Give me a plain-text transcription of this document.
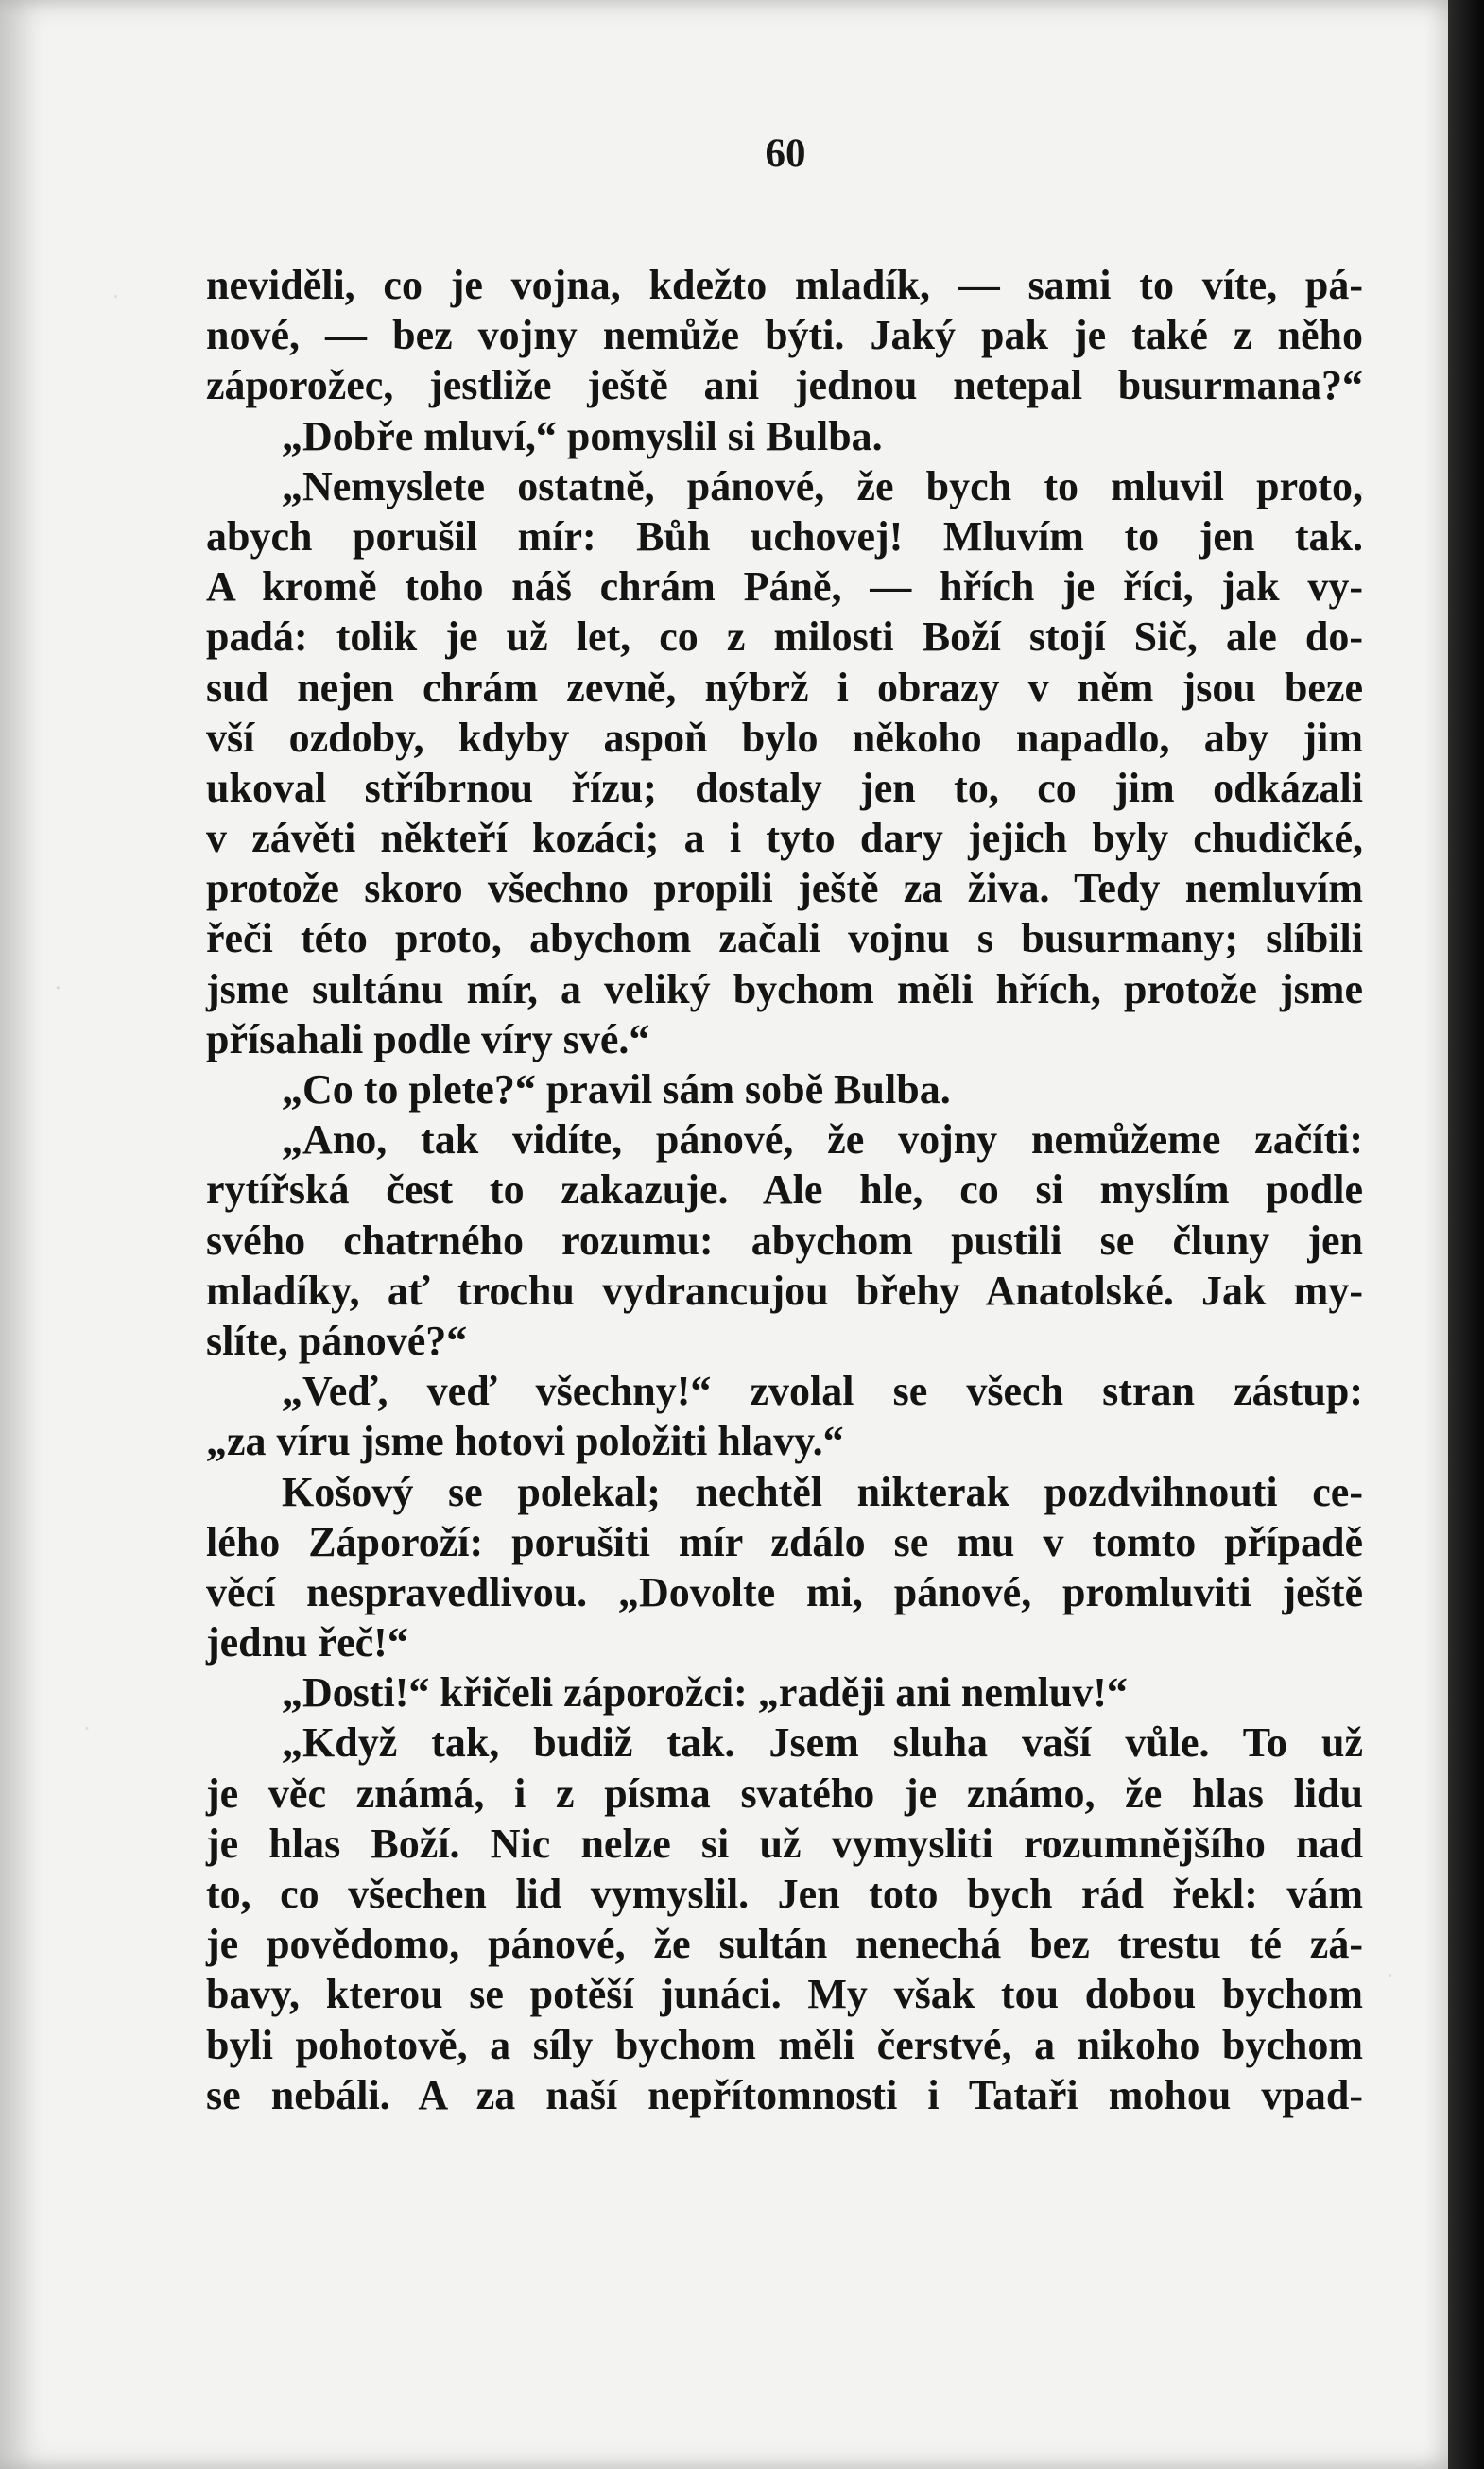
60
neviděli, co je vojna, kdežto mladík, — sami to víte, pá-
nové, — bez vojny nemůže býti. Jaký pak je také z něho
záporožec, jestliže ještě ani jednou netepal busurmana?“
„Dobře mluví,“ pomyslil si Bulba.
„Nemyslete ostatně, pánové, že bych to mluvil proto,
abych porušil mír: Bůh uchovej! Mluvím to jen tak.
A kromě toho náš chrám Páně, — hřích je říci, jak vy-
padá: tolik je už let, co z milosti Boží stojí Sič, ale do-
sud nejen chrám zevně, nýbrž i obrazy v něm jsou beze
vší ozdoby, kdyby aspoň bylo někoho napadlo, aby jim
ukoval stříbrnou řízu; dostaly jen to, co jim odkázali
v závěti někteří kozáci; a i tyto dary jejich byly chudičké,
protože skoro všechno propili ještě za živa. Tedy nemluvím
řeči této proto, abychom začali vojnu s busurmany; slíbili
jsme sultánu mír, a veliký bychom měli hřích, protože jsme
přísahali podle víry své.“
„Co to plete?“ pravil sám sobě Bulba.
„Ano, tak vidíte, pánové, že vojny nemůžeme začíti:
rytířská čest to zakazuje. Ale hle, co si myslím podle
svého chatrného rozumu: abychom pustili se čluny jen
mladíky, ať trochu vydrancujou břehy Anatolské. Jak my-
slíte, pánové?“
„Veď, veď všechny!“ zvolal se všech stran zástup:
„za víru jsme hotovi položiti hlavy.“
Košový se polekal; nechtěl nikterak pozdvihnouti ce-
lého Záporoží: porušiti mír zdálo se mu v tomto případě
věcí nespravedlivou. „Dovolte mi, pánové, promluviti ještě
jednu řeč!“
„Dosti!“ křičeli záporožci: „raději ani nemluv!“
„Když tak, budiž tak. Jsem sluha vaší vůle. To už
je věc známá, i z písma svatého je známo, že hlas lidu
je hlas Boží. Nic nelze si už vymysliti rozumnějšího nad
to, co všechen lid vymyslil. Jen toto bych rád řekl: vám
je povědomo, pánové, že sultán nenechá bez trestu té zá-
bavy, kterou se potěší junáci. My však tou dobou bychom
byli pohotově, a síly bychom měli čerstvé, a nikoho bychom
se nebáli. A za naší nepřítomnosti i Tataři mohou vpad-
